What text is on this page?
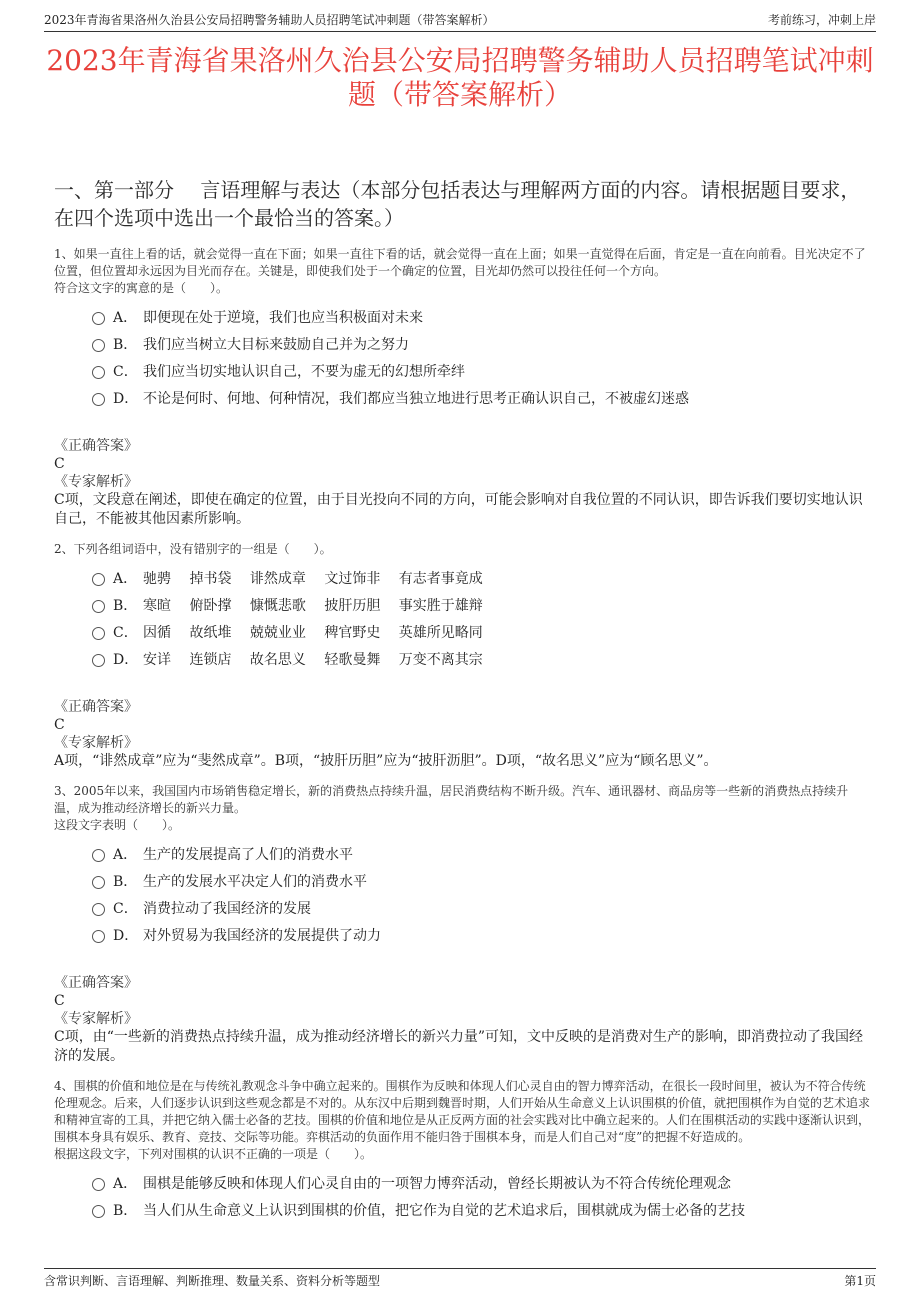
2023年青海省果洛州久治县公安局招聘警务辅助人员招聘笔试冲刺题（带答案解析）	考前练习，冲刺上岸
2023年青海省果洛州久治县公安局招聘警务辅助人员招聘笔试冲刺题（带答案解析）
一、第一部分　 言语理解与表达（本部分包括表达与理解两方面的内容。请根据题目要求，在四个选项中选出一个最恰当的答案。）
1、如果一直往上看的话，就会觉得一直在下面；如果一直往下看的话，就会觉得一直在上面；如果一直觉得在后面，肯定是一直在向前看。目光决定不了位置，但位置却永远因为目光而存在。关键是，即使我们处于一个确定的位置，目光却仍然可以投往任何一个方向。
符合这文字的寓意的是（　　）。
A． 即便现在处于逆境，我们也应当积极面对未来
B． 我们应当树立大目标来鼓励自己并为之努力
C． 我们应当切实地认识自己，不要为虚无的幻想所牵绊
D． 不论是何时、何地、何种情况，我们都应当独立地进行思考正确认识自己，不被虚幻迷惑
《正确答案》
C
《专家解析》
C项，文段意在阐述，即使在确定的位置，由于目光投向不同的方向，可能会影响对自我位置的不同认识，即告诉我们要切实地认识自己，不能被其他因素所影响。
2、下列各组词语中，没有错别字的一组是（　　）。
A． 驰骋　 掉书袋　 诽然成章　 文过饰非　 有志者事竟成
B． 寒暄　 俯卧撑　 慷慨悲歌　 披肝历胆　 事实胜于雄辩
C． 因循　 故纸堆　 兢兢业业　 稗官野史　 英雄所见略同
D． 安详　 连锁店　 故名思义　 轻歌曼舞　 万变不离其宗
《正确答案》
C
《专家解析》
A项，“诽然成章”应为“斐然成章”。B项，“披肝历胆”应为“披肝沥胆”。D项，“故名思义”应为“顾名思义”。
3、2005年以来，我国国内市场销售稳定增长，新的消费热点持续升温，居民消费结构不断升级。汽车、通讯器材、商品房等一些新的消费热点持续升温，成为推动经济增长的新兴力量。
这段文字表明（　　）。
A． 生产的发展提高了人们的消费水平
B． 生产的发展水平决定人们的消费水平
C． 消费拉动了我国经济的发展
D． 对外贸易为我国经济的发展提供了动力
《正确答案》
C
《专家解析》
C项，由“一些新的消费热点持续升温，成为推动经济增长的新兴力量”可知，文中反映的是消费对生产的影响，即消费拉动了我国经济的发展。
4、围棋的价值和地位是在与传统礼教观念斗争中确立起来的。围棋作为反映和体现人们心灵自由的智力博弈活动，在很长一段时间里，被认为不符合传统伦理观念。后来，人们逐步认识到这些观念都是不对的。从东汉中后期到魏晋时期，人们开始从生命意义上认识围棋的价值，就把围棋作为自觉的艺术追求和精神宣寄的工具，并把它纳入儒士必备的艺技。围棋的价值和地位是从正反两方面的社会实践对比中确立起来的。人们在围棋活动的实践中逐渐认识到，围棋本身具有娱乐、教育、竞技、交际等功能。弈棋活动的负面作用不能归咎于围棋本身，而是人们自己对“度”的把握不好造成的。
根据这段文字，下列对围棋的认识不正确的一项是（　　）。
A． 围棋是能够反映和体现人们心灵自由的一项智力博弈活动，曾经长期被认为不符合传统伦理观念
B． 当人们从生命意义上认识到围棋的价值，把它作为自觉的艺术追求后，围棋就成为儒士必备的艺技
含常识判断、言语理解、判断推理、数量关系、资料分析等题型	第1页
